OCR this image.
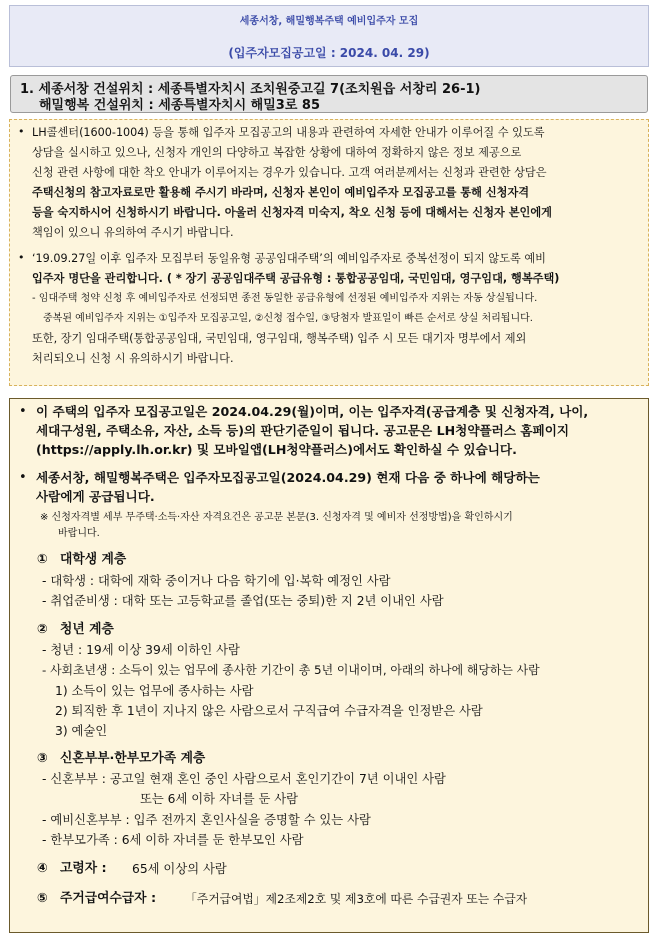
세종서창, 해밀행복주택 예비입주자 모집
(입주자모집공고일 : 2024. 04. 29)
1. 세종서창 건설위치 : 세종특별자치시 조치원중고길 7(조치원읍 서창리 26-1)
해밀행복 건설위치 : 세종특별자치시 해밀3로 85
• LH콜센터(1600-1004) 등을 통해 입주자 모집공고의 내용과 관련하여 자세한 안내가 이루어질 수 있도록
상담을 실시하고 있으나, 신청자 개인의 다양하고 복잡한 상황에 대하여 정확하지 않은 정보 제공으로
신청 관련 사항에 대한 착오 안내가 이루어지는 경우가 있습니다. 고객 여러분께서는 신청과 관련한 상담은
주택신청의 참고자료로만 활용해 주시기 바라며, 신청자 본인이 예비입주자 모집공고를 통해 신청자격
등을 숙지하시어 신청하시기 바랍니다. 아울러 신청자격 미숙지, 착오 신청 등에 대해서는 신청자 본인에게
책임이 있으니 유의하여 주시기 바랍니다.
• ‘19.09.27일 이후 입주자 모집부터 동일유형 공공임대주택’의 예비입주자로 중복선정이 되지 않도록 예비
입주자 명단을 관리합니다. ( * 장기 공공임대주택 공급유형 : 통합공공임대, 국민임대, 영구임대, 행복주택)
- 임대주택 청약 신청 후 예비입주자로 선정되면 종전 동일한 공급유형에 선정된 예비입주자 지위는 자동 상실됩니다.
중복된 예비입주자 지위는 ①입주자 모집공고일, ②신청 접수일, ③당첨자 발표일이 빠른 순서로 상실 처리됩니다.
또한, 장기 임대주택(통합공공임대, 국민임대, 영구임대, 행복주택) 입주 시 모든 대기자 명부에서 제외
처리되오니 신청 시 유의하시기 바랍니다.
• 이 주택의 입주자 모집공고일은 2024.04.29(월)이며, 이는 입주자격(공급계층 및 신청자격, 나이,
세대구성원, 주택소유, 자산, 소득 등)의 판단기준일이 됩니다. 공고문은 LH청약플러스 홈페이지
(https://apply.lh.or.kr) 및 모바일앱(LH청약플러스)에서도 확인하실 수 있습니다.
• 세종서창, 해밀행복주택은 입주자모집공고일(2024.04.29) 현재 다음 중 하나에 해당하는
사람에게 공급됩니다.
※ 신청자격별 세부 무주택·소득·자산 자격요건은 공고문 본문(3. 신청자격 및 예비자 선정방법)을 확인하시기
바랍니다.
① 대학생 계층
- 대학생 : 대학에 재학 중이거나 다음 학기에 입·복학 예정인 사람
- 취업준비생 : 대학 또는 고등학교를 졸업(또는 중퇴)한 지 2년 이내인 사람
② 청년 계층
- 청년 : 19세 이상 39세 이하인 사람
- 사회초년생 : 소득이 있는 업무에 종사한 기간이 총 5년 이내이며, 아래의 하나에 해당하는 사람
1) 소득이 있는 업무에 종사하는 사람
2) 퇴직한 후 1년이 지나지 않은 사람으로서 구직급여 수급자격을 인정받은 사람
3) 예술인
③ 신혼부부·한부모가족 계층
- 신혼부부 : 공고일 현재 혼인 중인 사람으로서 혼인기간이 7년 이내인 사람
또는 6세 이하 자녀를 둔 사람
- 예비신혼부부 : 입주 전까지 혼인사실을 증명할 수 있는 사람
- 한부모가족 : 6세 이하 자녀를 둔 한부모인 사람
④ 고령자 : 65세 이상의 사람
⑤ 주거급여수급자 : 「주거급여법」제2조제2호 및 제3호에 따른 수급권자 또는 수급자
